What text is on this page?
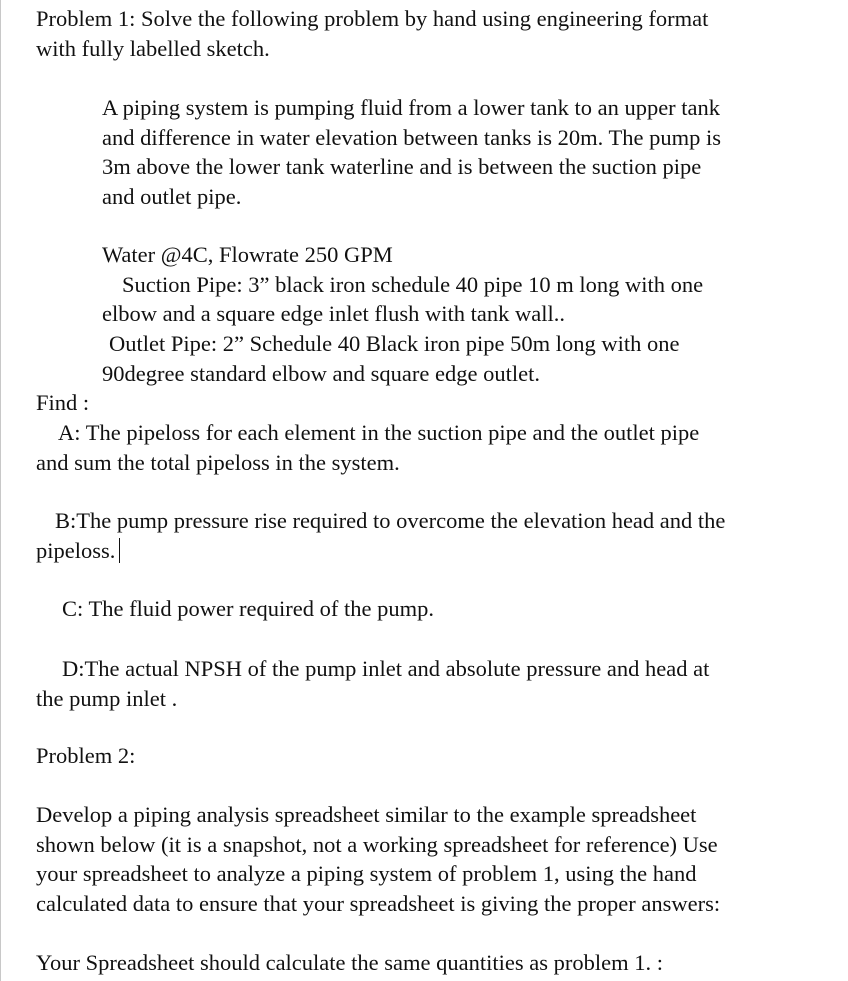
Problem 1: Solve the following problem by hand using engineering format
with fully labelled sketch.
A piping system is pumping fluid from a lower tank to an upper tank
and difference in water elevation between tanks is 20m. The pump is
3m above the lower tank waterline and is between the suction pipe
and outlet pipe.
Water @4C, Flowrate 250 GPM
Suction Pipe: 3” black iron schedule 40 pipe 10 m long with one
elbow and a square edge inlet flush with tank wall..
Outlet Pipe: 2” Schedule 40 Black iron pipe 50m long with one
90degree standard elbow and square edge outlet.
Find :
A: The pipeloss for each element in the suction pipe and the outlet pipe
and sum the total pipeloss in the system.
B:The pump pressure rise required to overcome the elevation head and the
pipeloss.
C: The fluid power required of the pump.
D:The actual NPSH of the pump inlet and absolute pressure and head at
the pump inlet .
Problem 2:
Develop a piping analysis spreadsheet similar to the example spreadsheet
shown below (it is a snapshot, not a working spreadsheet for reference) Use
your spreadsheet to analyze a piping system of problem 1, using the hand
calculated data to ensure that your spreadsheet is giving the proper answers:
Your Spreadsheet should calculate the same quantities as problem 1. :
